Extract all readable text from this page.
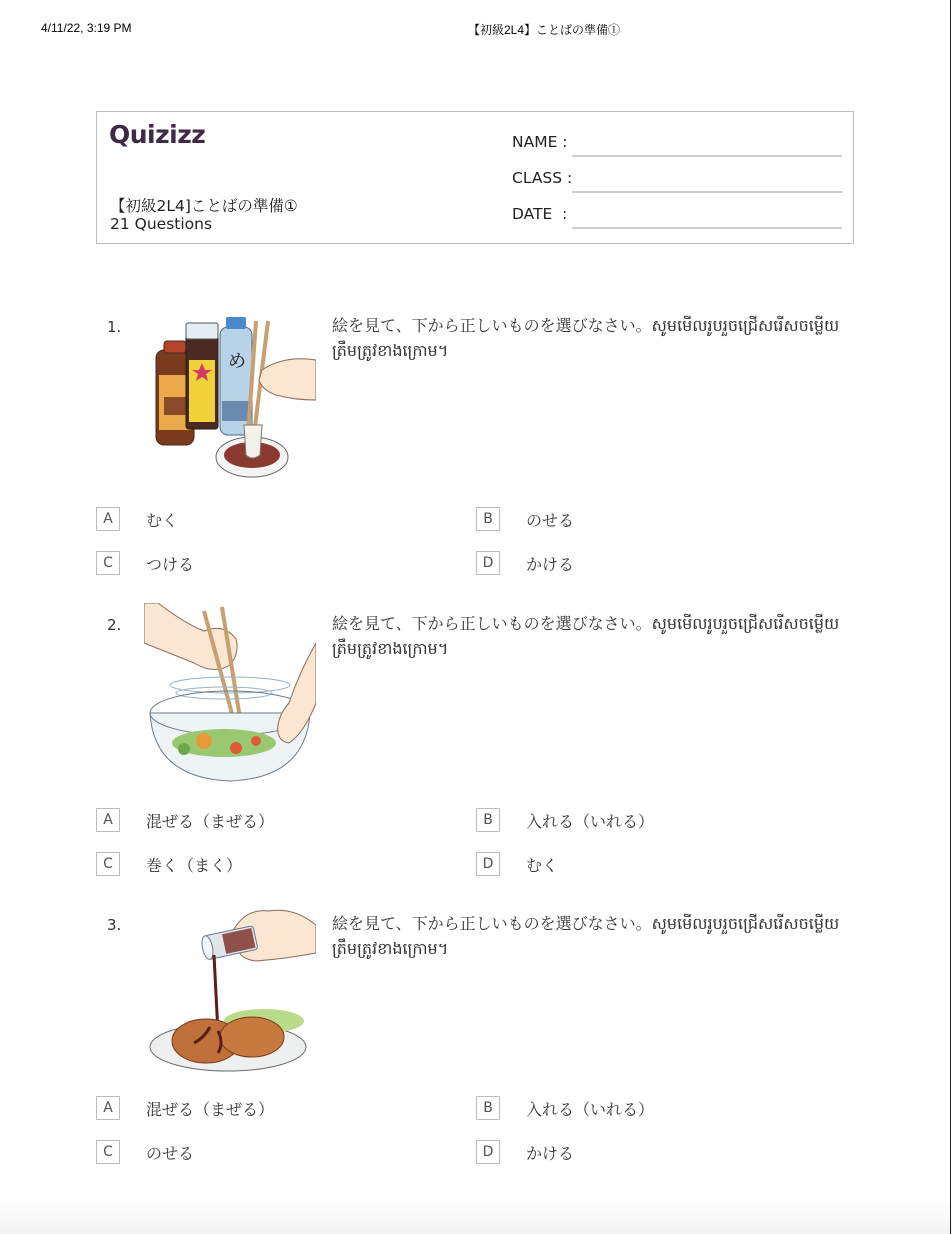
4/11/22, 3:19 PM	【初級2L4】ことばの準備①
Quizizz
【初級2L4]ことばの準備①
21 Questions
NAME :
CLASS :
DATE  :
1.
め
絵を見て、下から正しいものを選びなさい。សូមមើលរូបរួចជ្រើសរើសចម្លើយត្រឹមត្រូវខាងក្រោម។
A	むく	B	のせる
C	つける	D	かける
2.	絵を見て、下から正しいものを選びなさい。សូមមើលរូបរួចជ្រើសរើសចម្លើយត្រឹមត្រូវខាងក្រោម។
A	混ぜる（まぜる）	B	入れる（いれる）
C	巻く（まく）	D	むく
3.	絵を見て、下から正しいものを選びなさい。សូមមើលរូបរួចជ្រើសរើសចម្លើយត្រឹមត្រូវខាងក្រោម។
A	混ぜる（まぜる）	B	入れる（いれる）
C	のせる	D	かける
